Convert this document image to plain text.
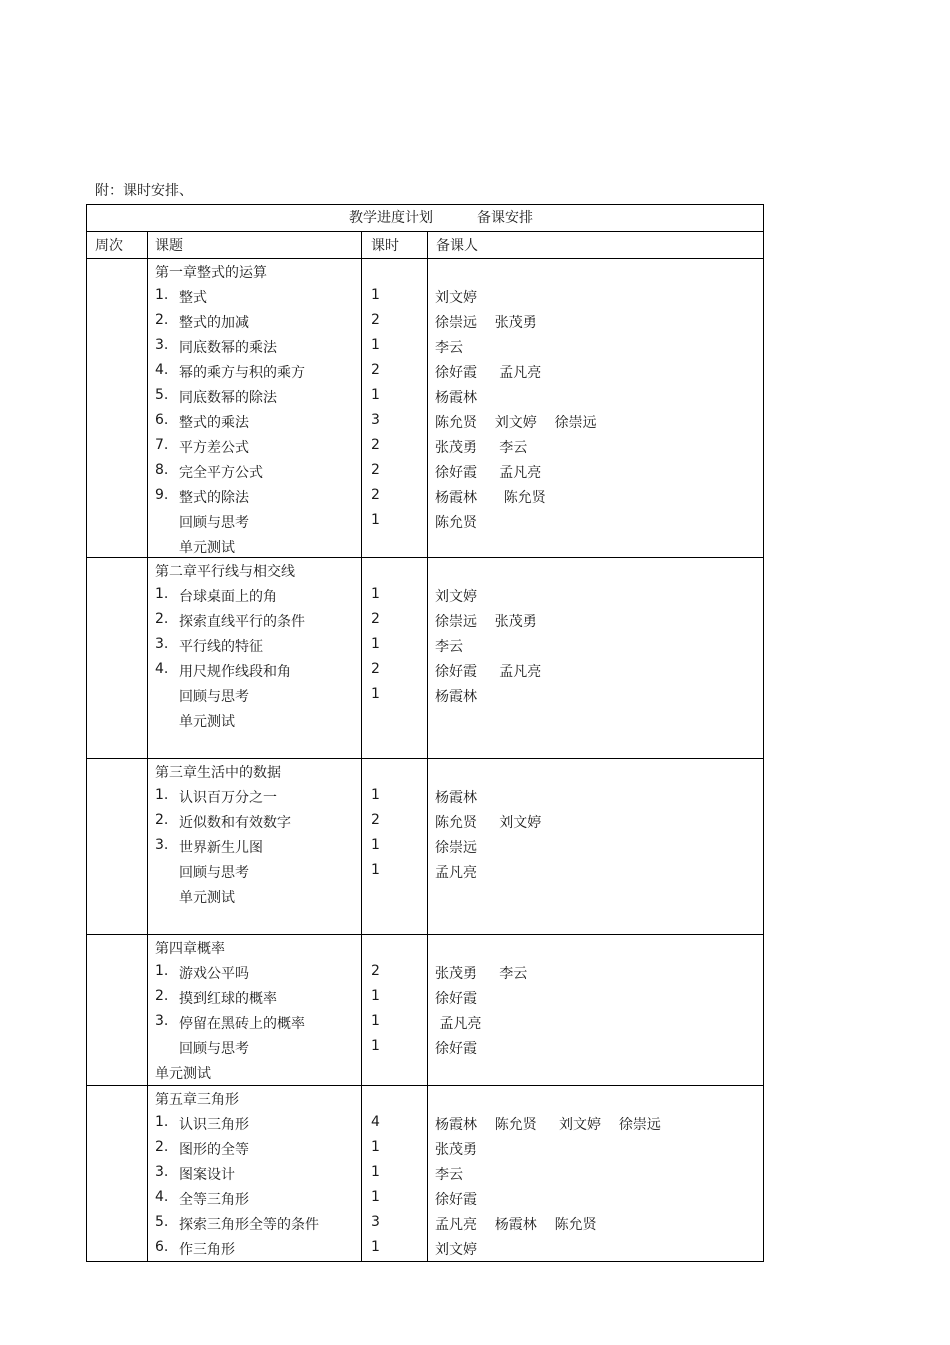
附：课时安排、
教学进度计划	备课安排
周次 课题	课时	备课人
第一章整式的运算
1. 整式	1	刘文婷
2. 整式的加减	2	徐崇远    张茂勇
3. 同底数幂的乘法	1	李云
4. 幂的乘方与积的乘方	2	徐好霞     孟凡亮
5. 同底数幂的除法	1	杨霞林
6. 整式的乘法	3	陈允贤    刘文婷    徐崇远
7. 平方差公式	2	张茂勇     李云
8. 完全平方公式	2	徐好霞     孟凡亮
9. 整式的除法	2	杨霞林      陈允贤
回顾与思考	1	陈允贤
单元测试
第二章平行线与相交线
1. 台球桌面上的角	1	刘文婷
2. 探索直线平行的条件	2	徐崇远    张茂勇
3. 平行线的特征	1	李云
4. 用尺规作线段和角	2	徐好霞     孟凡亮
回顾与思考	1	杨霞林
单元测试
第三章生活中的数据
1. 认识百万分之一	1	杨霞林
2. 近似数和有效数字	2	陈允贤     刘文婷
3. 世界新生儿图	1	徐崇远
回顾与思考	1	孟凡亮
单元测试
第四章概率
1. 游戏公平吗	2	张茂勇     李云
2. 摸到红球的概率	1	徐好霞
3. 停留在黑砖上的概率	1	孟凡亮
回顾与思考	1	徐好霞
单元测试
第五章三角形
1. 认识三角形	4	杨霞林    陈允贤     刘文婷    徐崇远
2. 图形的全等	1	张茂勇
3. 图案设计	1	李云
4. 全等三角形	1	徐好霞
5. 探索三角形全等的条件	3	孟凡亮    杨霞林    陈允贤
6. 作三角形	1	刘文婷
